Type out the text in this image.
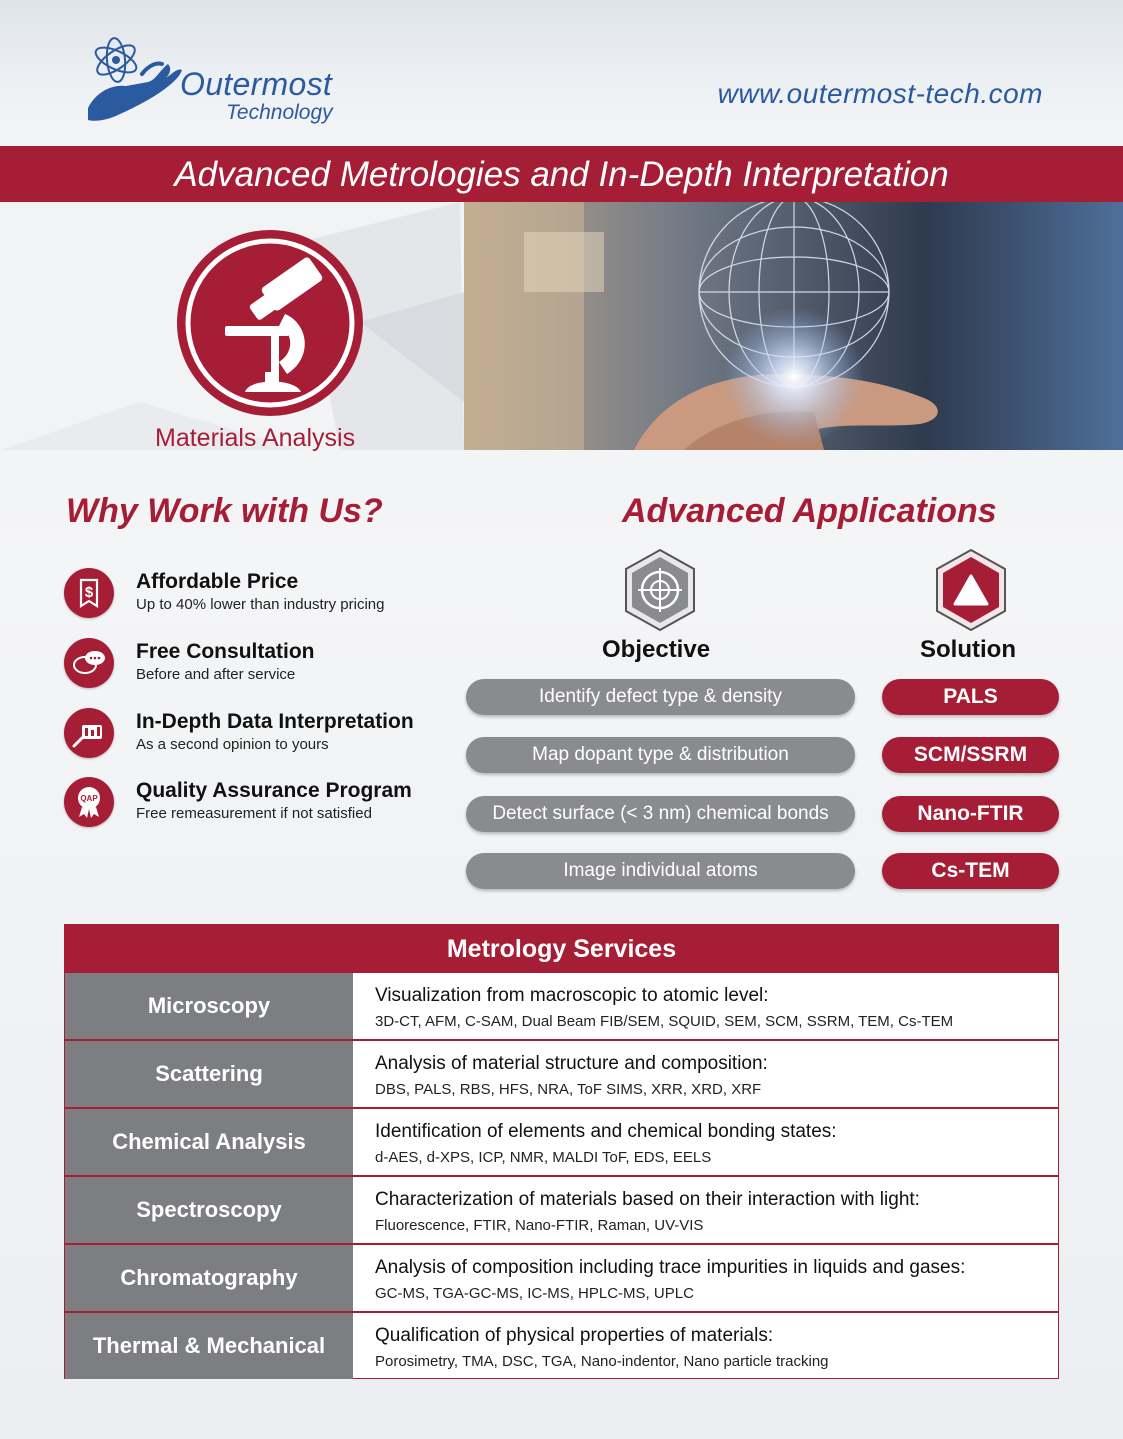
Outermost
Technology
www.outermost-tech.com
Advanced Metrologies and In-Depth Interpretation
Materials Analysis
Why Work with Us?
$ Affordable Price
Up to 40% lower than industry pricing
Free Consultation
Before and after service
In-Depth Data Interpretation
As a second opinion to yours
QAP Quality Assurance Program
Free remeasurement if not satisfied
Advanced Applications
Objective	Solution
Identify defect type & density	PALS
Map dopant type & distribution	SCM/SSRM
Detect surface (< 3 nm) chemical bonds	Nano-FTIR
Image individual atoms	Cs-TEM
Metrology Services
Microscopy	Visualization from macroscopic to atomic level:
3D-CT, AFM, C-SAM, Dual Beam FIB/SEM, SQUID, SEM, SCM, SSRM, TEM, Cs-TEM
Scattering	Analysis of material structure and composition:
DBS, PALS, RBS, HFS, NRA, ToF SIMS, XRR, XRD, XRF
Chemical Analysis	Identification of elements and chemical bonding states:
d-AES, d-XPS, ICP, NMR, MALDI ToF, EDS, EELS
Spectroscopy	Characterization of materials based on their interaction with light:
Fluorescence, FTIR, Nano-FTIR, Raman, UV-VIS
Chromatography	Analysis of composition including trace impurities in liquids and gases:
GC-MS, TGA-GC-MS, IC-MS, HPLC-MS, UPLC
Thermal & Mechanical	Qualification of physical properties of materials:
Porosimetry, TMA, DSC, TGA, Nano-indentor, Nano particle tracking
